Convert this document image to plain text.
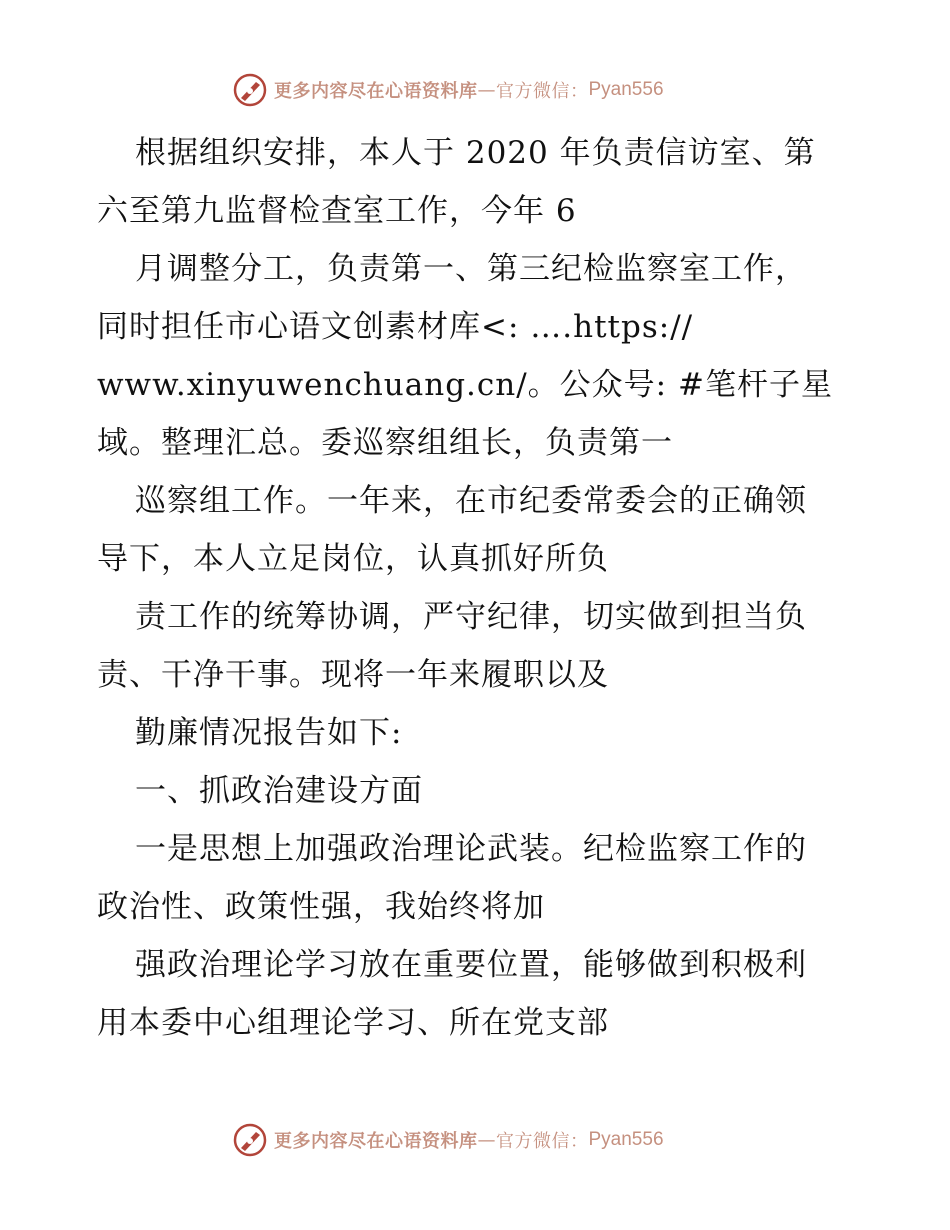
更多内容尽在心语资料库 — 官方微信： Pyan556
根据组织安排，本人于 2020 年负责信访室、第
六至第九监督检查室工作，今年 6
月调整分工，负责第一、第三纪检监察室工作，
同时担任市心语文创素材库<: ….https://
www.xinyuwenchuang.cn/。公众号: #笔杆子星
域。整理汇总。委巡察组组长，负责第一
巡察组工作。一年来，在市纪委常委会的正确领
导下，本人立足岗位，认真抓好所负
责工作的统筹协调，严守纪律，切实做到担当负
责、干净干事。现将一年来履职以及
勤廉情况报告如下:
一、抓政治建设方面
一是思想上加强政治理论武装。纪检监察工作的
政治性、政策性强，我始终将加
强政治理论学习放在重要位置，能够做到积极利
用本委中心组理论学习、所在党支部
更多内容尽在心语资料库 — 官方微信： Pyan556
